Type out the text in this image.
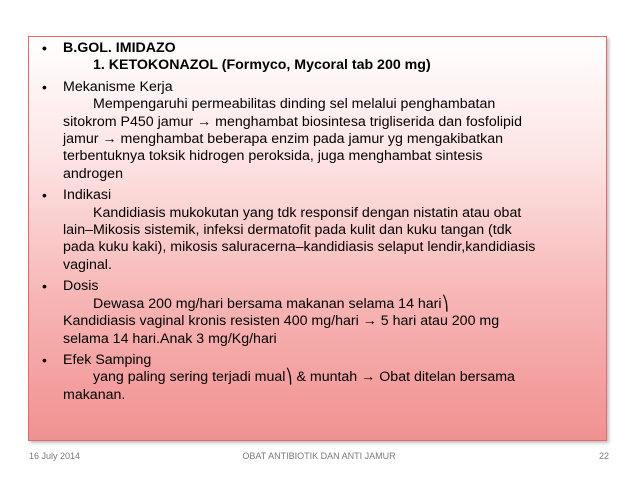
• B.GOL. IMIDAZO
1. KETOKONAZOL (Formyco, Mycoral tab 200 mg)
• Mekanisme Kerja
Mempengaruhi permeabilitas dinding sel melalui penghambatan
sitokrom P450 jamur → menghambat biosintesa trigliserida dan fosfolipid
jamur → menghambat beberapa enzim pada jamur yg mengakibatkan
terbentuknya toksik hidrogen peroksida, juga menghambat sintesis
androgen
• Indikasi
Kandidiasis mukokutan yang tdk responsif dengan nistatin atau obat
lain–Mikosis sistemik, infeksi dermatofit pada kulit dan kuku tangan (tdk
pada kuku kaki), mikosis saluracerna–kandidiasis selaput lendir,kandidiasis
vaginal.
• Dosis
Dewasa 200 mg/hari bersama makanan selama 14 hari⎞
Kandidiasis vaginal kronis resisten 400 mg/hari → 5 hari atau 200 mg
selama 14 hari.Anak 3 mg/Kg/hari
• Efek Samping
yang paling sering terjadi mual⎞ & muntah → Obat ditelan bersama
makanan.
16 July 2014	OBAT ANTIBIOTIK DAN ANTI JAMUR	22
